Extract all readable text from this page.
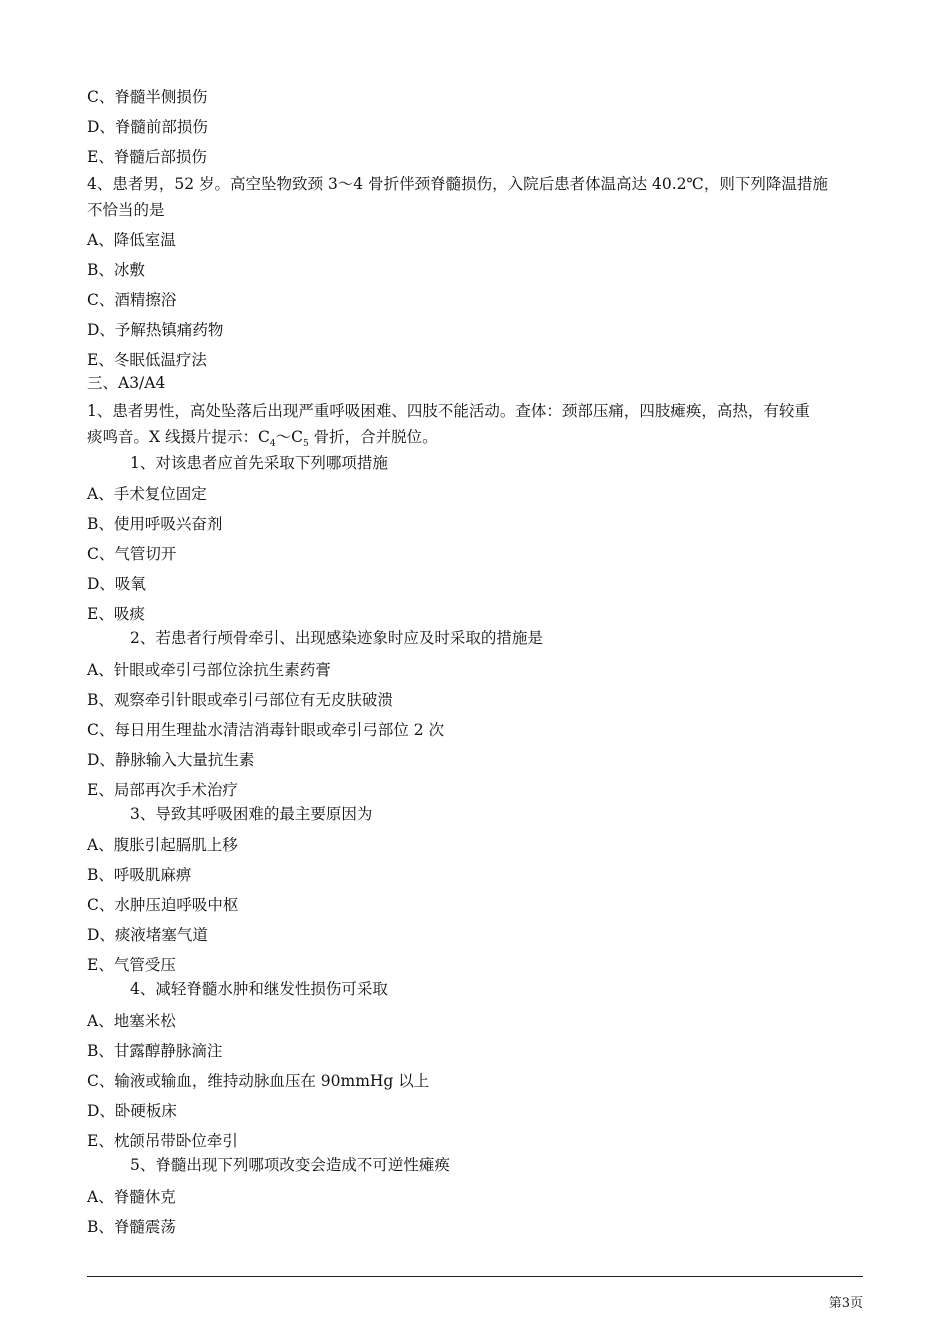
C、脊髓半侧损伤
D、脊髓前部损伤
E、脊髓后部损伤
4、患者男，52 岁。高空坠物致颈 3～4 骨折伴颈脊髓损伤，入院后患者体温高达 40.2℃，则下列降温措施
不恰当的是
A、降低室温
B、冰敷
C、酒精擦浴
D、予解热镇痛药物
E、冬眠低温疗法
三、A3/A4
1、患者男性，高处坠落后出现严重呼吸困难、四肢不能活动。查体：颈部压痛，四肢瘫痪，高热，有较重
痰鸣音。X 线摄片提示：$C_4\sim C_5$ 骨折，合并脱位。
1、对该患者应首先采取下列哪项措施
A、手术复位固定
B、使用呼吸兴奋剂
C、气管切开
D、吸氧
E、吸痰
2、若患者行颅骨牵引、出现感染迹象时应及时采取的措施是
A、针眼或牵引弓部位涂抗生素药膏
B、观察牵引针眼或牵引弓部位有无皮肤破溃
C、每日用生理盐水清洁消毒针眼或牵引弓部位 2 次
D、静脉输入大量抗生素
E、局部再次手术治疗
3、导致其呼吸困难的最主要原因为
A、腹胀引起膈肌上移
B、呼吸肌麻痹
C、水肿压迫呼吸中枢
D、痰液堵塞气道
E、气管受压
4、减轻脊髓水肿和继发性损伤可采取
A、地塞米松
B、甘露醇静脉滴注
C、输液或输血，维持动脉血压在 90mmHg 以上
D、卧硬板床
E、枕颌吊带卧位牵引
5、脊髓出现下列哪项改变会造成不可逆性瘫痪
A、脊髓休克
B、脊髓震荡
第3页
